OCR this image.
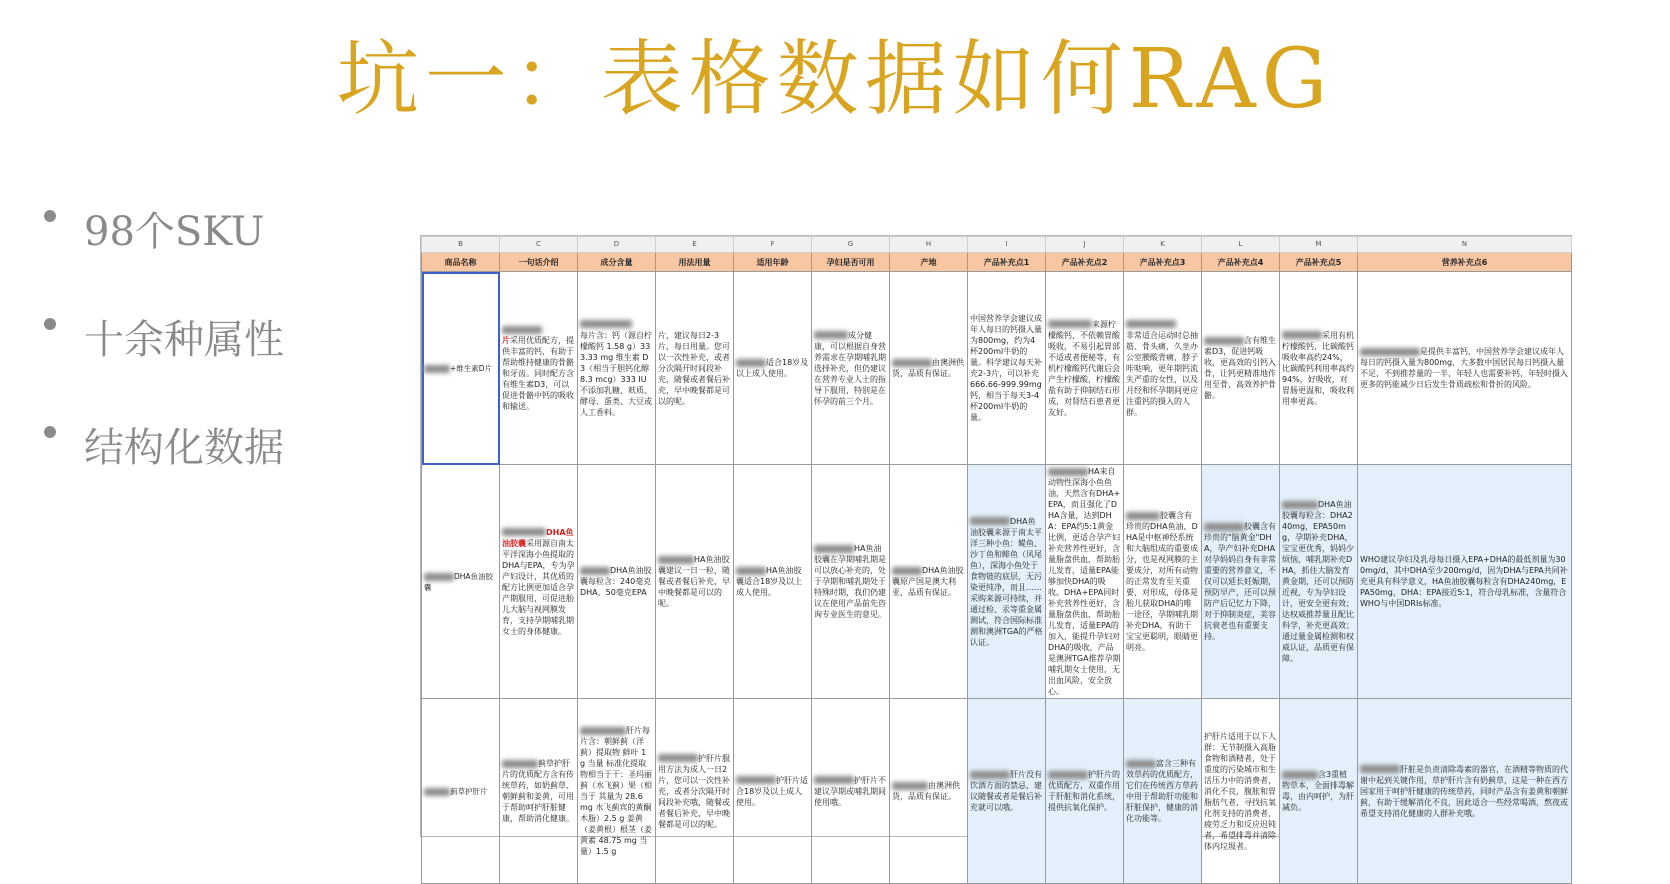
坑一：表格数据如何RAG
98个SKU
十余种属性
结构化数据
B	C	D	E	F	G	H	I	J	K	L	M	N
商品名称	一句话介绍	成分含量	用法用量	适用年龄	孕妇是否可用	产地	产品补充点1	产品补充点2	产品补充点3	产品补充点4	产品补充点5	营养补充点6
+维生素D片	片采用优质配方，提供丰富的钙，有助于帮助维持健康的骨骼和牙齿。同时配方含有维生素D3，可以促进骨骼中钙的吸收和输送。	每片含：钙（源自柠檬酸钙 1.58 g）333.33 mg 维生素 D3（相当于胆钙化醇 8.3 mcg）333 IU 不添加乳糖、麸质、酵母、蛋类、大豆或人工香料。	片，建议每日2-3片，每日用量。您可以一次性补充，或者分次隔开时间段补充，随餐或者餐后补充，早中晚餐都是可以的呢。	适合18岁及以上成人使用。	成分健康，可以根据自身营养需求在孕期哺乳期选择补充，但仍建议在营养专业人士的指导下服用，特别是在怀孕的前三个月。	由澳洲供货，品质有保证。	中国营养学会建议成年人每日的钙摄入量为800mg，约为4杯200ml牛奶的量。科学建议每天补充2-3片，可以补充666.66-999.99mg钙，相当于每天3-4杯200ml牛奶的量。	来源柠檬酸钙，不依赖胃酸吸收，不易引起胃部不适或者便秘等，有机柠檬酸钙代谢后会产生柠檬酸，柠檬酸盐有助于抑制结石形成，对肾结石患者更友好。	非常适合运动时总抽筋、骨头痛，久坐办公室腰酸背痛，脖子咔哒响，更年期钙流失严重的女性，以及月经和怀孕期间更应注重钙的摄入的人群。	含有维生素D3，促进钙吸收，更高效的引钙入骨，让钙更精准地作用至骨，高效养护骨骼。	采用有机柠檬酸钙，比碳酸钙吸收率高约24%，比碳酸钙利用率高约94%，好吸收，对胃肠更温和，吸收利用率更高。	是提供丰富钙，中国营养学会建议成年人每日的钙摄入量为800mg，大多数中国居民每日钙摄入量不足，不到推荐量的一半，年轻人也需要补钙，年轻时摄入更多的钙能减少日后发生骨质疏松和骨折的风险。
DHA鱼油胶囊	DHA鱼油胶囊采用源自南太平洋深海小鱼提取的DHA与EPA，专为孕产妇设计，其优质的配方比例更加适合孕产期服用，可促进胎儿大脑与视网膜发育，支持孕期哺乳期女士的身体健康。	DHA鱼油胶囊每粒含：240毫克DHA，50毫克EPA	HA鱼油胶囊建议一日一粒，随餐或者餐后补充，早中晚餐都是可以的呢。	HA鱼油胶囊适合18岁及以上成人使用。	HA鱼油胶囊在孕期哺乳期是可以放心补充的，处于孕期和哺乳期处于特殊时期，我们仍建议在使用产品前先咨询专业医生的意见。	DHA鱼油胶囊原产国是澳大利亚，品质有保证。	DHA鱼油胶囊来源于南太平洋三种小鱼：鳀鱼、沙丁鱼和鲱鱼（风尾鱼），深海小鱼处于食物链的底层，无污染更纯净，而且……采购来源可持续，并通过检、汞等重金属测试，符合国际标准测和澳洲TGA的严格认证。	HA来自动物性深海小鱼鱼油，天然含有DHA+EPA，而且强化了DHA含量，达到DHA：EPA约5:1黄金比例，更适合孕产妇补充营养性更好，含量脂盘供血，帮助胎儿发育，适量EPA能够加快DHA的吸收。DHA+EPA同时补充营养性更好，含量脂盘供血，帮助胎儿发育，适量EPA的加入，能提升孕妇对DHA的吸收，产品是澳洲TGA推荐孕期哺乳期女士使用，无出血风险，安全放心。	胶囊含有珍贵的DHA鱼油，DHA是中枢神经系统和大脑组成的重要成分，也是视网膜的主要成分，对所有动物的正常发育至关重要，对形成，母体是胎儿获取DHA的唯一途径，孕期哺乳期补充DHA，有助于宝宝更聪明，眼睛更明亮。	胶囊含有珍贵的"脑黄金"DHA，孕产妇补充DHA对孕妈妈自身有非常重要的营养意义，不仅可以延长妊娠期，预防早产，还可以预防产后记忆力下降，对于抑制炎症，美容抗衰老也有重要支持。	DHA鱼油胶囊每粒含：DHA240mg，EPA50mg，孕期补充DHA，宝宝更优秀，妈妈少烦恼，哺乳期补充DHA，抓住大脑发育黄金期，还可以预防近视，专为孕妇设计，更安全更有效；达权威推荐量且配比科学，补充更高效；通过量金属检测和权威认证，品质更有保障。	WHO建议孕妇及乳母每日摄入EPA+DHA的最低剂量为300mg/d，其中DHA至少200mg/d，因为DHA与EPA共同补充更具有科学意义，HA鱼油胶囊每粒含有DHA240mg，EPA50mg，DHA：EPA接近5:1，符合母乳标准，含量符合WHO与中国DRIs标准。
蓟草护肝片	蓟草护肝片的优质配方含有传统草药，如奶蓟草、朝鲜蓟和姜黄，可用于帮助呵护肝脏健康，帮助消化健康。	肝片每片含：朝鲜蓟（洋蓟）提取物 鲜叶 1 g 当量 标准化提取物相当于干：圣玛丽蓟（水飞蓟）果（相当于 其量为 28.6 mg 水飞蓟宾的黄酮木脂）2.5 g 姜黄（姜黄根）根茎（姜黄素 48.75 mg 当量）1.5 g	护肝片服用方法为成人一日2片，您可以一次性补充，或者分次隔开时间段补充哦，随餐或者餐后补充，早中晚餐都是可以的呢。	护肝片适合18岁及以上成人使用。	护肝片不建议孕期或哺乳期间使用哦。	由澳洲供货，品质有保证。	肝片没有饮酒方面的禁忌，建议随餐或者是餐后补充就可以哦。	护肝片的优质配方，双重作用于肝脏和消化系统，提供抗氧化保护。	富含三种有效草药的优质配方，它们在传统西方草药中用于帮助肝功能和肝脏保护，健康的消化功能等。	护肝片适用于以下人群：无节制摄入高脂食物和酒精者，处于重度的污染城市和生活压力中的消费者，消化不良，腹胀和胃脂肪气者，寻找抗氧化剂支持的消费者，疲劳乏力和反应迟钝者，希望排毒并清除体内垃圾者。	含3重植物草本，全面排毒解毒，由内呵护，为肝减负。	肝脏是负责清除毒素的器官，在酒精等物质的代谢中起到关键作用，草护肝片含有奶蓟草，这是一种在西方国家用于呵护肝健康的传统草药，同时产品含有姜黄和朝鲜蓟，有助于缓解消化不良，因此适合一些经常喝酒，熬夜或希望支持消化健康的人群补充哦。
